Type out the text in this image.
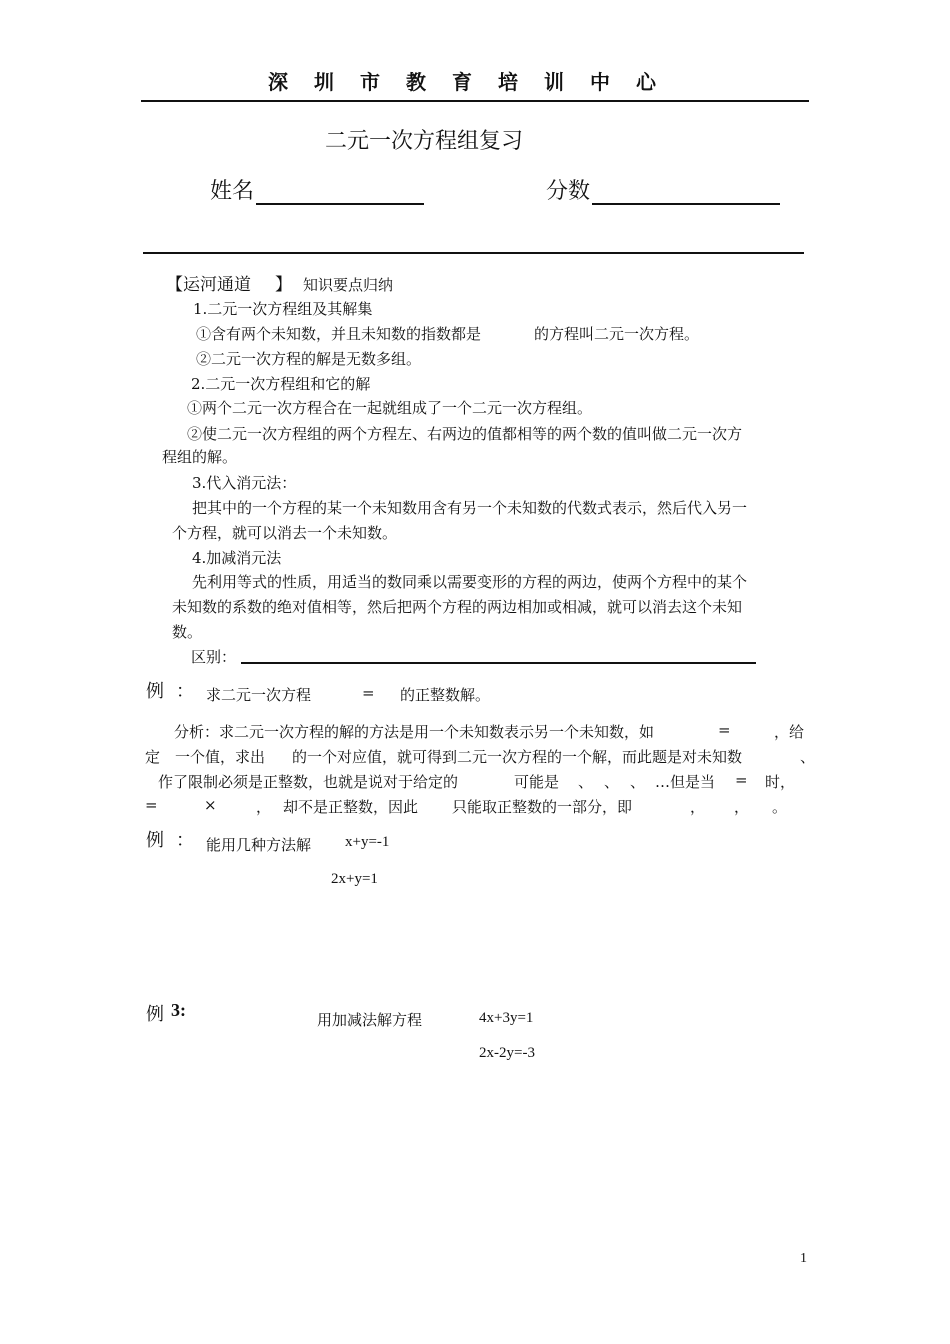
深圳市教育培训中心
二元一次方程组复习
姓名	分数
【运河通道 】 知识要点归纳
1.二元一次方程组及其解集
①含有两个未知数，并且未知数的指数都是	的方程叫二元一次方程。
②二元一次方程的解是无数多组。
2.二元一次方程组和它的解
①两个二元一次方程合在一起就组成了一个二元一次方程组。
②使二元一次方程组的两个方程左、右两边的值都相等的两个数的值叫做二元一次方
程组的解。
3.代入消元法：
把其中的一个方程的某一个未知数用含有另一个未知数的代数式表示，然后代入另一
个方程，就可以消去一个未知数。
4.加减消元法
先利用等式的性质，用适当的数同乘以需要变形的方程的两边，使两个方程中的某个
未知数的系数的绝对值相等，然后把两个方程的两边相加或相减，就可以消去这个未知
数。
区别：
例 ： 求二元一次方程	= 的正整数解。
分析：求二元一次方程的解的方法是用一个未知数表示另一个未知数，如	=	，给
定 一个值，求出 的一个对应值，就可得到二元一次方程的一个解，而此题是对未知数	、
作了限制必须是正整数，也就是说对于给定的	可能是 、 、 、 …但是当 = 时，
=	×	， 却不是正整数，因此 只能取正整数的一部分，即	， ， 。
例 ： 能用几种方法解 x+y=-1
2x+y=1
例 3:	用加减法解方程	4x+3y=1
2x-2y=-3
1
